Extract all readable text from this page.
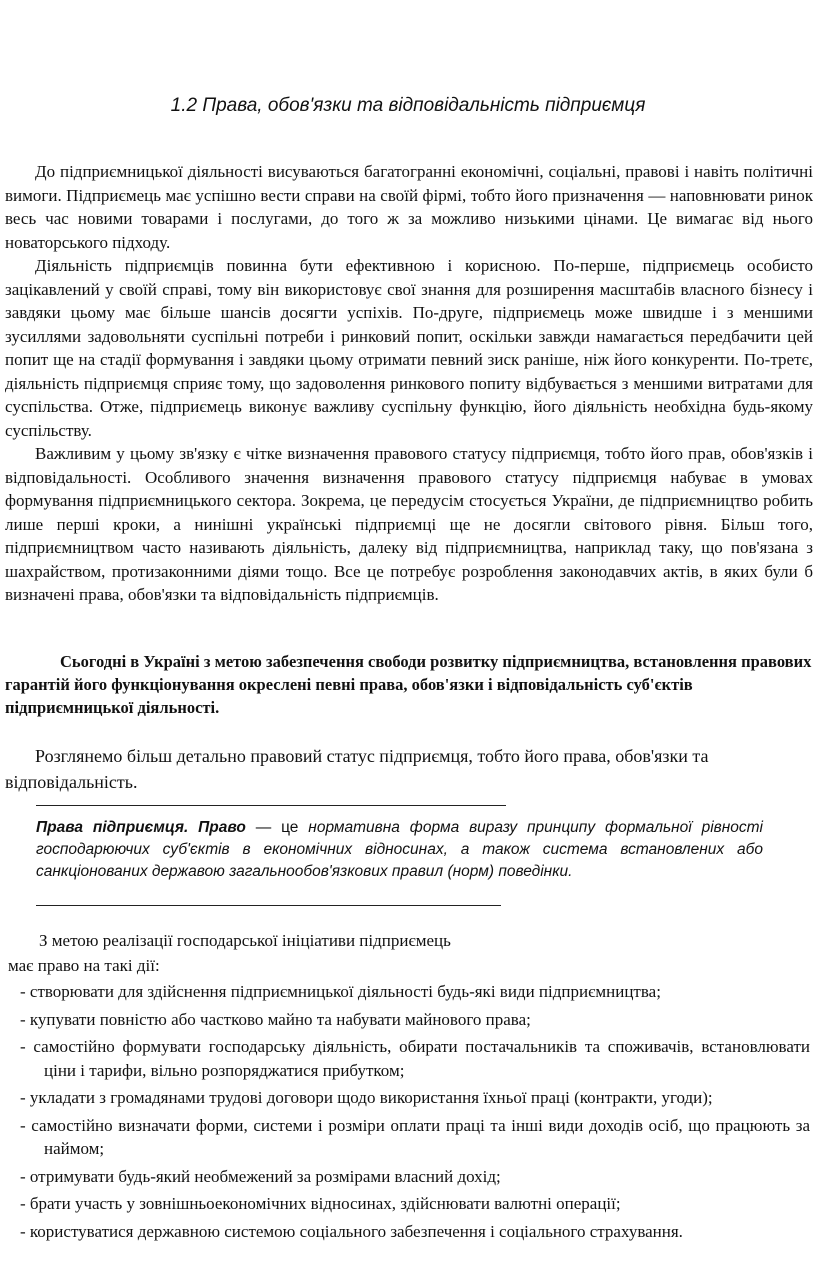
1.2 Права, обов'язки та відповідальність підприємця

До підприємницької діяльності висуваються багатогранні економічні, соціальні, правові і навіть політичні вимоги. Підприємець має успішно вести справи на своїй фірмі, тобто його призначення — наповнювати ринок весь час новими товарами і послугами, до того ж за можливо низькими цінами. Це вимагає від нього новаторського підходу.

Діяльність підприємців повинна бути ефективною і корисною. По-перше, підприємець особисто зацікавлений у своїй справі, тому він використовує свої знання для розширення масштабів власного бізнесу і завдяки цьому має більше шансів досягти успіхів. По-друге, підприємець може швидше і з меншими зусиллями задовольняти суспільні потреби і ринковий попит, оскільки завжди намагається передбачити цей попит ще на стадії формування і завдяки цьому отримати певний зиск раніше, ніж його конкуренти. По-третє, діяльність підприємця сприяє тому, що задоволення ринкового попиту відбувається з меншими витратами для суспільства. Отже, підприємець виконує важливу суспільну функцію, його діяльність необхідна будь-якому суспільству.

Важливим у цьому зв'язку є чітке визначення правового статусу підприємця, тобто його прав, обов'язків і відповідальності. Особливого значення визначення правового статусу підприємця набуває в умовах формування підприємницького сектора. Зокрема, це передусім стосується України, де підприємництво робить лише перші кроки, а нинішні українські підприємці ще не досягли світового рівня. Більш того, підприємництвом часто називають діяльність, далеку від підприємництва, наприклад таку, що пов'язана з шахрайством, протизаконними діями тощо. Все це потребує розроблення законодавчих актів, в яких були б визначені права, обов'язки та відповідальність підприємців.

Сьогодні в Україні з метою забезпечення свободи розвитку підприємництва, встановлення правових гарантій його функціонування окреслені певні права, обов'язки і відповідальність суб'єктів підприємницької діяльності.

Розглянемо більш детально правовий статус підприємця, тобто його права, обов'язки та відповідальність.

Права підприємця. Право — це нормативна форма виразу принципу формальної рівності господарюючих суб'єктів в економічних відносинах, а також система встановлених або санкціонованих державою загальнообов'язкових правил (норм) поведінки.

З метою реалізації господарської ініціативи підприємець
має право на такі дії:

- створювати для здійснення підприємницької діяльності будь-які види підприємництва;
- купувати повністю або частково майно та набувати майнового права;
- самостійно формувати господарську діяльність, обирати постачальників та споживачів, встановлювати ціни і тарифи, вільно розпоряджатися прибутком;
- укладати з громадянами трудові договори щодо використання їхньої праці (контракти, угоди);
- самостійно визначати форми, системи і розміри оплати праці та інші види доходів осіб, що працюють за наймом;
- отримувати будь-який необмежений за розмірами власний дохід;
- брати участь у зовнішньоекономічних відносинах, здійснювати валютні операції;
- користуватися державною системою соціального забезпечення і соціального страхування.
